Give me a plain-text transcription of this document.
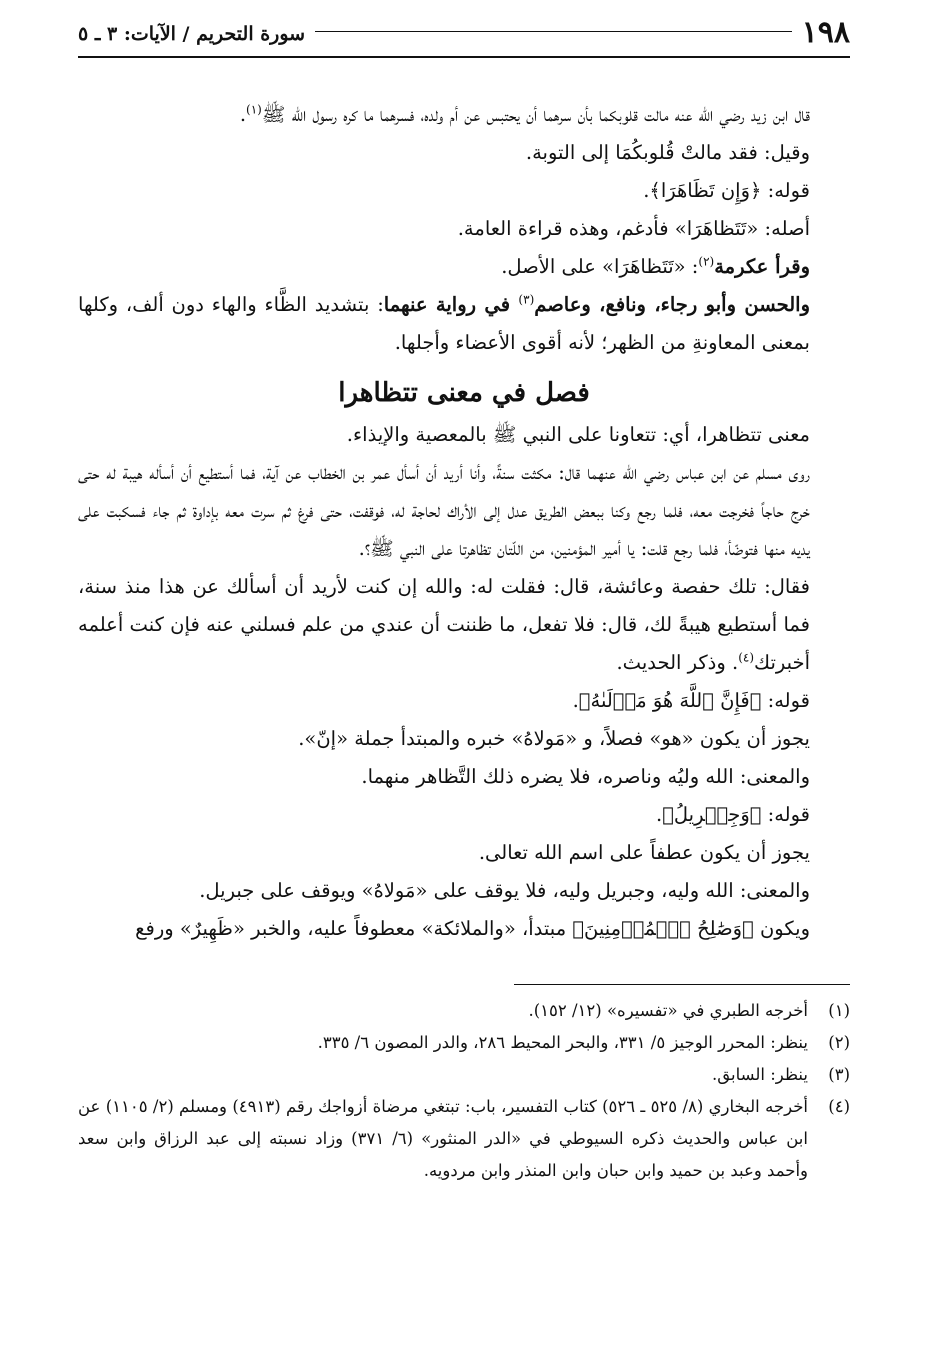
١٩٨
سورة التحريم / الآيات: ٣ ـ ٥

قال ابن زيد رضي الله عنه مالت قلوبكما بأن سرهما أن يحتبس عن أم ولده، فسرهما ما كره رسول الله ﷺ$^{(١)}$.

وقيل: فقد مالتْ قُلوبكُمَا إلى التوبة.

قوله: ﴿وَإِن تَظَاهَرَا﴾.

أصله: «تَتَظاهَرَا» فأدغم، وهذه قراءة العامة.

وقرأ عكرمة$^{(٢)}$: «تَتَظاهَرَا» على الأصل.

والحسن وأبو رجاء، ونافع، وعاصم$^{(٣)}$ في رواية عنهما: بتشديد الظَّاء والهاء دون ألف، وكلها بمعنى المعاونةِ من الظهر؛ لأنه أقوى الأعضاء وأجلها.

فصل في معنى تتظاهرا

معنى تتظاهرا، أي: تتعاونا على النبي ﷺ بالمعصية والإيذاء.

روى مسلم عن ابن عباس رضي الله عنهما قال: مكثت سنةً، وأنا أريد أن أسأل عمر بن الخطاب عن آية، فما أستطيع أن أسأله هيبة له حتى خرج حاجاً فخرجت معه، فلما رجع وكنا ببعض الطريق عدل إلى الأراك لحاجة له، فوقفت، حتى فرغ ثم سرت معه بإداوة ثم جاء فسكبت على يديه منها فتوضّأ، فلما رجع قلت: يا أمير المؤمنين، من اللّتان تظاهرتا على النبي ﷺ؟.

فقال: تلك حفصة وعائشة، قال: فقلت له: والله إن كنت لأريد أن أسألك عن هذا منذ سنة، فما أستطيع هيبةً لك، قال: فلا تفعل، ما ظننت أن عندي من علم فسلني عنه فإن كنت أعلمه أخبرتك$^{(٤)}$. وذكر الحديث.

قوله: ﴿فَإِنَّ ٱللَّهَ هُوَ مَوۡلَىٰهُ﴾.

يجوز أن يكون «هو» فصلاً، و «مَولاهُ» خبره والمبتدأ جملة «إنّ».

والمعنى: الله وليُه وناصره، فلا يضره ذلك التَّظاهر منهما.

قوله: ﴿وَجِبۡرِيلُ﴾.

يجوز أن يكون عطفاً على اسم الله تعالى.

والمعنى: الله وليه، وجبريل وليه، فلا يوقف على «مَولاهُ» ويوقف على جبريل.

ويكون ﴿وَصَٰلِحُ ٱلۡمُؤۡمِنِينَ﴾ مبتدأ، «والملائكة» معطوفاً عليه، والخبر «ظَهِيرٌ» ورفع

(١)
أخرجه الطبري في «تفسيره» (١٢/ ١٥٢).
(٢)
ينظر: المحرر الوجيز ٥/ ٣٣١، والبحر المحيط ٢٨٦، والدر المصون ٦/ ٣٣٥.
(٣)
ينظر: السابق.
(٤)
أخرجه البخاري (٨/ ٥٢٥ ـ ٥٢٦) كتاب التفسير، باب: تبتغي مرضاة أزواجك رقم (٤٩١٣) ومسلم (٢/ ١١٠٥) عن ابن عباس والحديث ذكره السيوطي في «الدر المنثور» (٦/ ٣٧١) وزاد نسبته إلى عبد الرزاق وابن سعد وأحمد وعبد بن حميد وابن حبان وابن المنذر وابن مردويه.
